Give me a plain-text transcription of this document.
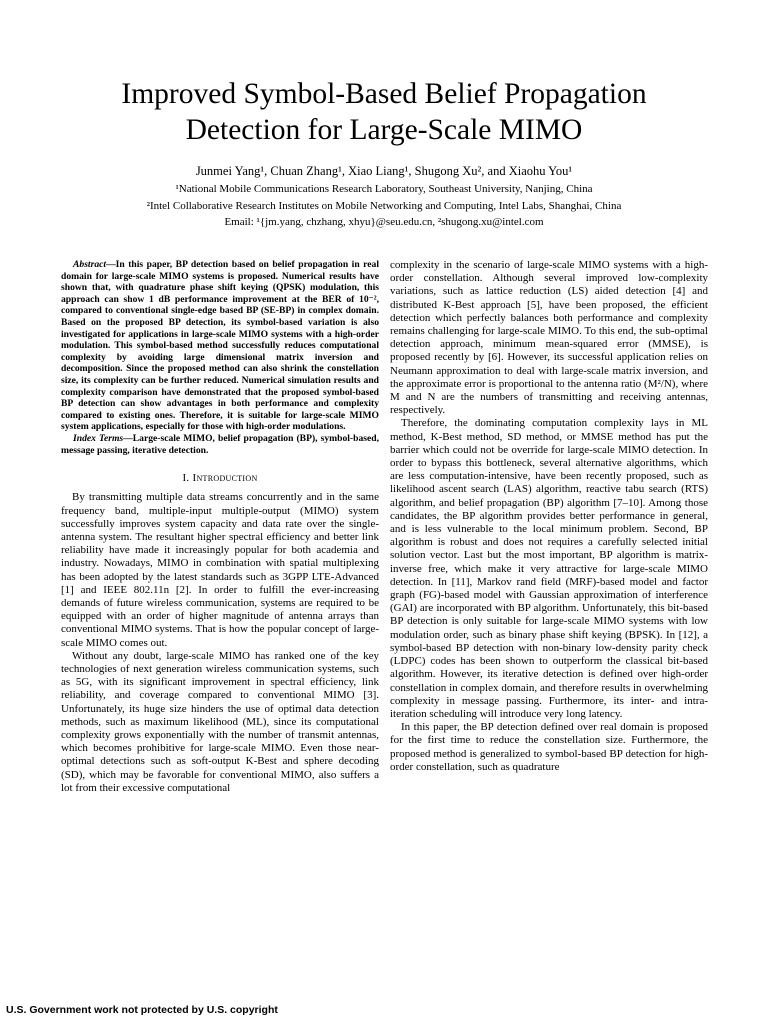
Improved Symbol-Based Belief Propagation
Detection for Large-Scale MIMO
Junmei Yang¹, Chuan Zhang¹, Xiao Liang¹, Shugong Xu², and Xiaohu You¹
¹National Mobile Communications Research Laboratory, Southeast University, Nanjing, China
²Intel Collaborative Research Institutes on Mobile Networking and Computing, Intel Labs, Shanghai, China
Email: ¹{jm.yang, chzhang, xhyu}@seu.edu.cn, ²shugong.xu@intel.com

Abstract—In this paper, BP detection based on belief propagation in real domain for large-scale MIMO systems is proposed. Numerical results have shown that, with quadrature phase shift keying (QPSK) modulation, this approach can show 1 dB performance improvement at the BER of 10⁻², compared to conventional single-edge based BP (SE-BP) in complex domain. Based on the proposed BP detection, its symbol-based variation is also investigated for applications in large-scale MIMO systems with a high-order modulation. This symbol-based method successfully reduces computational complexity by avoiding large dimensional matrix inversion and decomposition. Since the proposed method can also shrink the constellation size, its complexity can be further reduced. Numerical simulation results and complexity comparison have demonstrated that the proposed symbol-based BP detection can show advantages in both performance and complexity compared to existing ones. Therefore, it is suitable for large-scale MIMO system applications, especially for those with high-order modulations.

Index Terms—Large-scale MIMO, belief propagation (BP), symbol-based, message passing, iterative detection.

I. Introduction

By transmitting multiple data streams concurrently and in the same frequency band, multiple-input multiple-output (MIMO) system successfully improves system capacity and data rate over the single-antenna system. The resultant higher spectral efficiency and better link reliability have made it increasingly popular for both academia and industry. Nowadays, MIMO in combination with spatial multiplexing has been adopted by the latest standards such as 3GPP LTE-Advanced [1] and IEEE 802.11n [2]. In order to fulfill the ever-increasing demands of future wireless communication, systems are required to be equipped with an order of higher magnitude of antenna arrays than conventional MIMO systems. That is how the popular concept of large-scale MIMO comes out.

Without any doubt, large-scale MIMO has ranked one of the key technologies of next generation wireless communication systems, such as 5G, with its significant improvement in spectral efficiency, link reliability, and coverage compared to conventional MIMO [3]. Unfortunately, its huge size hinders the use of optimal data detection methods, such as maximum likelihood (ML), since its computational complexity grows exponentially with the number of transmit antennas, which becomes prohibitive for large-scale MIMO. Even those near-optimal detections such as soft-output K-Best and sphere decoding (SD), which may be favorable for conventional MIMO, also suffers a lot from their excessive computational

complexity in the scenario of large-scale MIMO systems with a high-order constellation. Although several improved low-complexity variations, such as lattice reduction (LS) aided detection [4] and distributed K-Best approach [5], have been proposed, the efficient detection which perfectly balances both performance and complexity remains challenging for large-scale MIMO. To this end, the sub-optimal detection approach, minimum mean-squared error (MMSE), is proposed recently by [6]. However, its successful application relies on Neumann approximation to deal with large-scale matrix inversion, and the approximate error is proportional to the antenna ratio (M²/N), where M and N are the numbers of transmitting and receiving antennas, respectively.

Therefore, the dominating computation complexity lays in ML method, K-Best method, SD method, or MMSE method has put the barrier which could not be override for large-scale MIMO detection. In order to bypass this bottleneck, several alternative algorithms, which are less computation-intensive, have been recently proposed, such as likelihood ascent search (LAS) algorithm, reactive tabu search (RTS) algorithm, and belief propagation (BP) algorithm [7–10]. Among those candidates, the BP algorithm provides better performance in general, and is less vulnerable to the local minimum problem. Second, BP algorithm is robust and does not requires a carefully selected initial solution vector. Last but the most important, BP algorithm is matrix-inverse free, which make it very attractive for large-scale MIMO detection. In [11], Markov rand field (MRF)-based model and factor graph (FG)-based model with Gaussian approximation of interference (GAI) are incorporated with BP algorithm. Unfortunately, this bit-based BP detection is only suitable for large-scale MIMO systems with low modulation order, such as binary phase shift keying (BPSK). In [12], a symbol-based BP detection with non-binary low-density parity check (LDPC) codes has been shown to outperform the classical bit-based algorithm. However, its iterative detection is defined over high-order constellation in complex domain, and therefore results in overwhelming complexity in message passing. Furthermore, its inter- and intra-iteration scheduling will introduce very long latency.

In this paper, the BP detection defined over real domain is proposed for the first time to reduce the constellation size. Furthermore, the proposed method is generalized to symbol-based BP detection for high-order constellation, such as quadrature

U.S. Government work not protected by U.S. copyright
